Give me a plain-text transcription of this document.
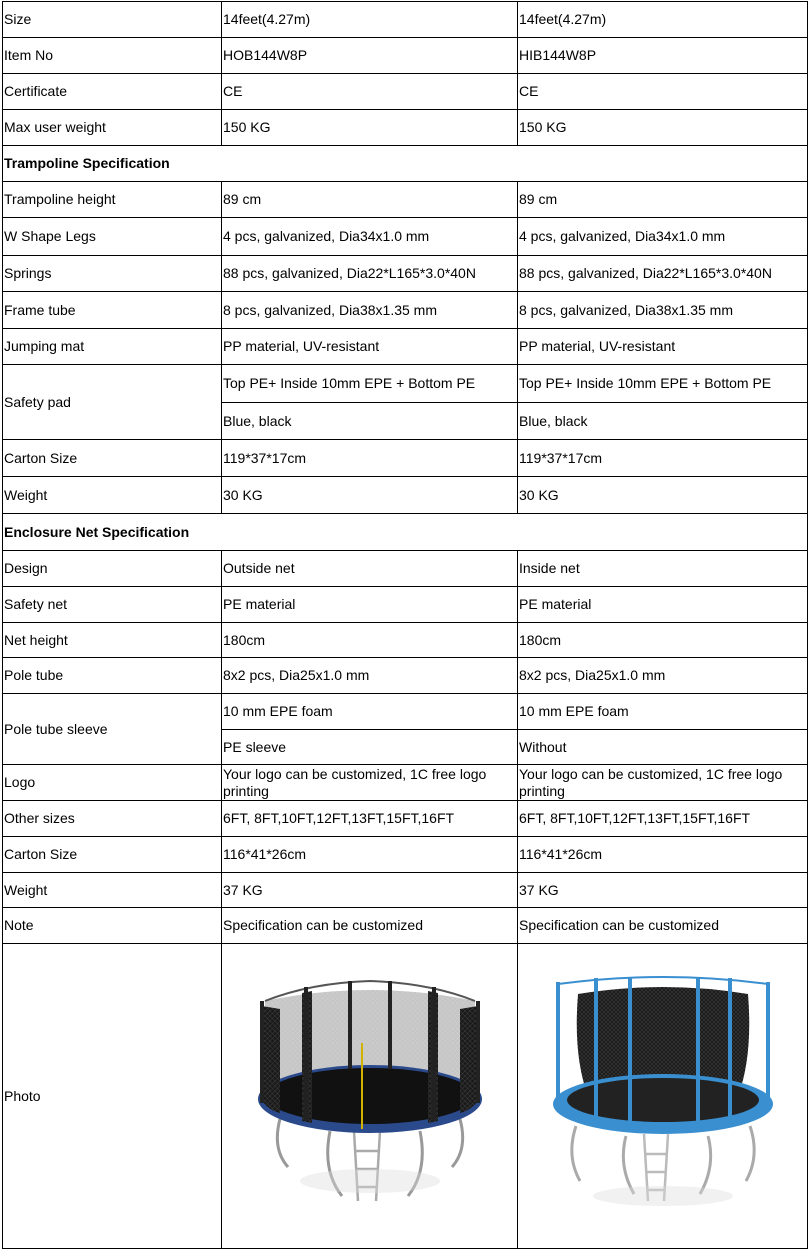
Size	14feet(4.27m)	14feet(4.27m)
Item No	HOB144W8P	HIB144W8P
Certificate	CE	CE
Max user weight	150 KG	150 KG
Trampoline Specification		
Trampoline height	89 cm	89 cm
W Shape Legs	4 pcs, galvanized, Dia34x1.0 mm	4 pcs, galvanized, Dia34x1.0 mm
Springs	88 pcs, galvanized, Dia22*L165*3.0*40N	88 pcs, galvanized, Dia22*L165*3.0*40N
Frame tube	8 pcs, galvanized, Dia38x1.35 mm	8 pcs, galvanized, Dia38x1.35 mm
Jumping mat	PP material, UV-resistant	PP material, UV-resistant
Safety pad	Top PE+ Inside 10mm EPE + Bottom PE	Top PE+ Inside 10mm EPE + Bottom PE
	Blue, black	Blue, black
Carton Size	119*37*17cm	119*37*17cm
Weight	30 KG	30 KG
Enclosure Net Specification		
Design	Outside net	Inside net
Safety net	PE material	PE material
Net height	180cm	180cm
Pole tube	8x2 pcs, Dia25x1.0 mm	8x2 pcs, Dia25x1.0 mm
Pole tube sleeve	10 mm EPE foam	10 mm EPE foam
	PE sleeve	Without
Logo	Your logo can be customized, 1C free logo printing	Your logo can be customized, 1C free logo printing
Other sizes	6FT, 8FT,10FT,12FT,13FT,15FT,16FT	6FT, 8FT,10FT,12FT,13FT,15FT,16FT
Carton Size	116*41*26cm	116*41*26cm
Weight	37 KG	37 KG
Note	Specification can be customized	Specification can be customized
Photo	
